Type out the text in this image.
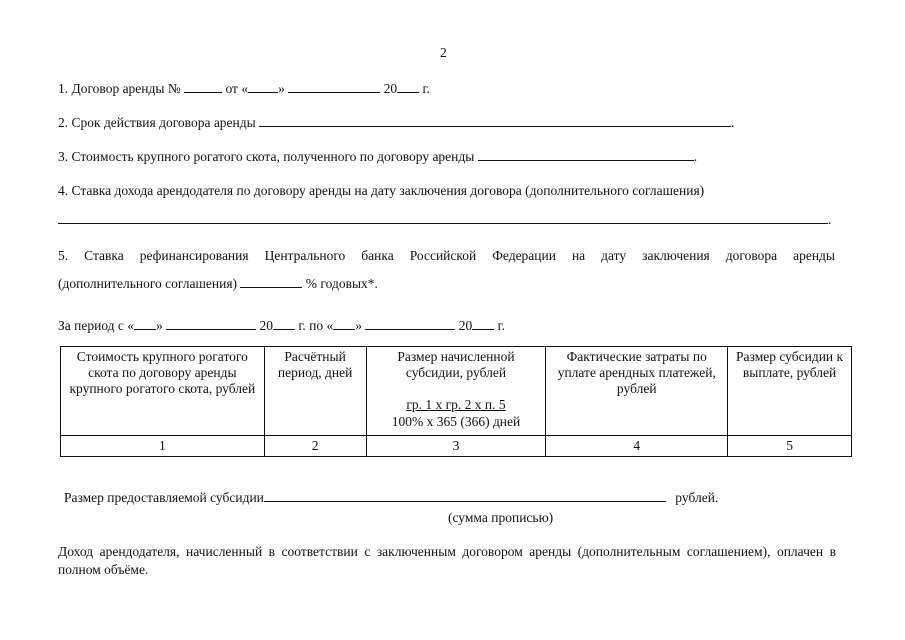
2
1. Договор аренды №	от « »	20 г.
2. Срок действия договора аренды	.
3. Стоимость крупного рогатого скота, полученного по договору аренды	.
4. Ставка дохода арендодателя по договору аренды на дату заключения договора (дополнительного соглашения)
.
5. Ставка рефинансирования Центрального банка Российской Федерации на дату заключения договора аренды
(дополнительного соглашения)	% годовых*.
За период с « »	20 г. по « »	20 г.
Стоимость крупного рогатого скота по договору аренды крупного рогатого скота, рублей	Расчётный период, дней	Размер начисленной субсидии, рублей
гр. 1 х гр. 2 х п. 5
100% х 365 (366) дней	Фактические затраты по уплате арендных платежей, рублей	Размер субсидии к выплате, рублей
1	2	3	4	5
Размер предоставляемой субсидии	рублей.
(сумма прописью)
Доход арендодателя, начисленный в соответствии с заключенным договором аренды (дополнительным соглашением), оплачен в полном объёме.
